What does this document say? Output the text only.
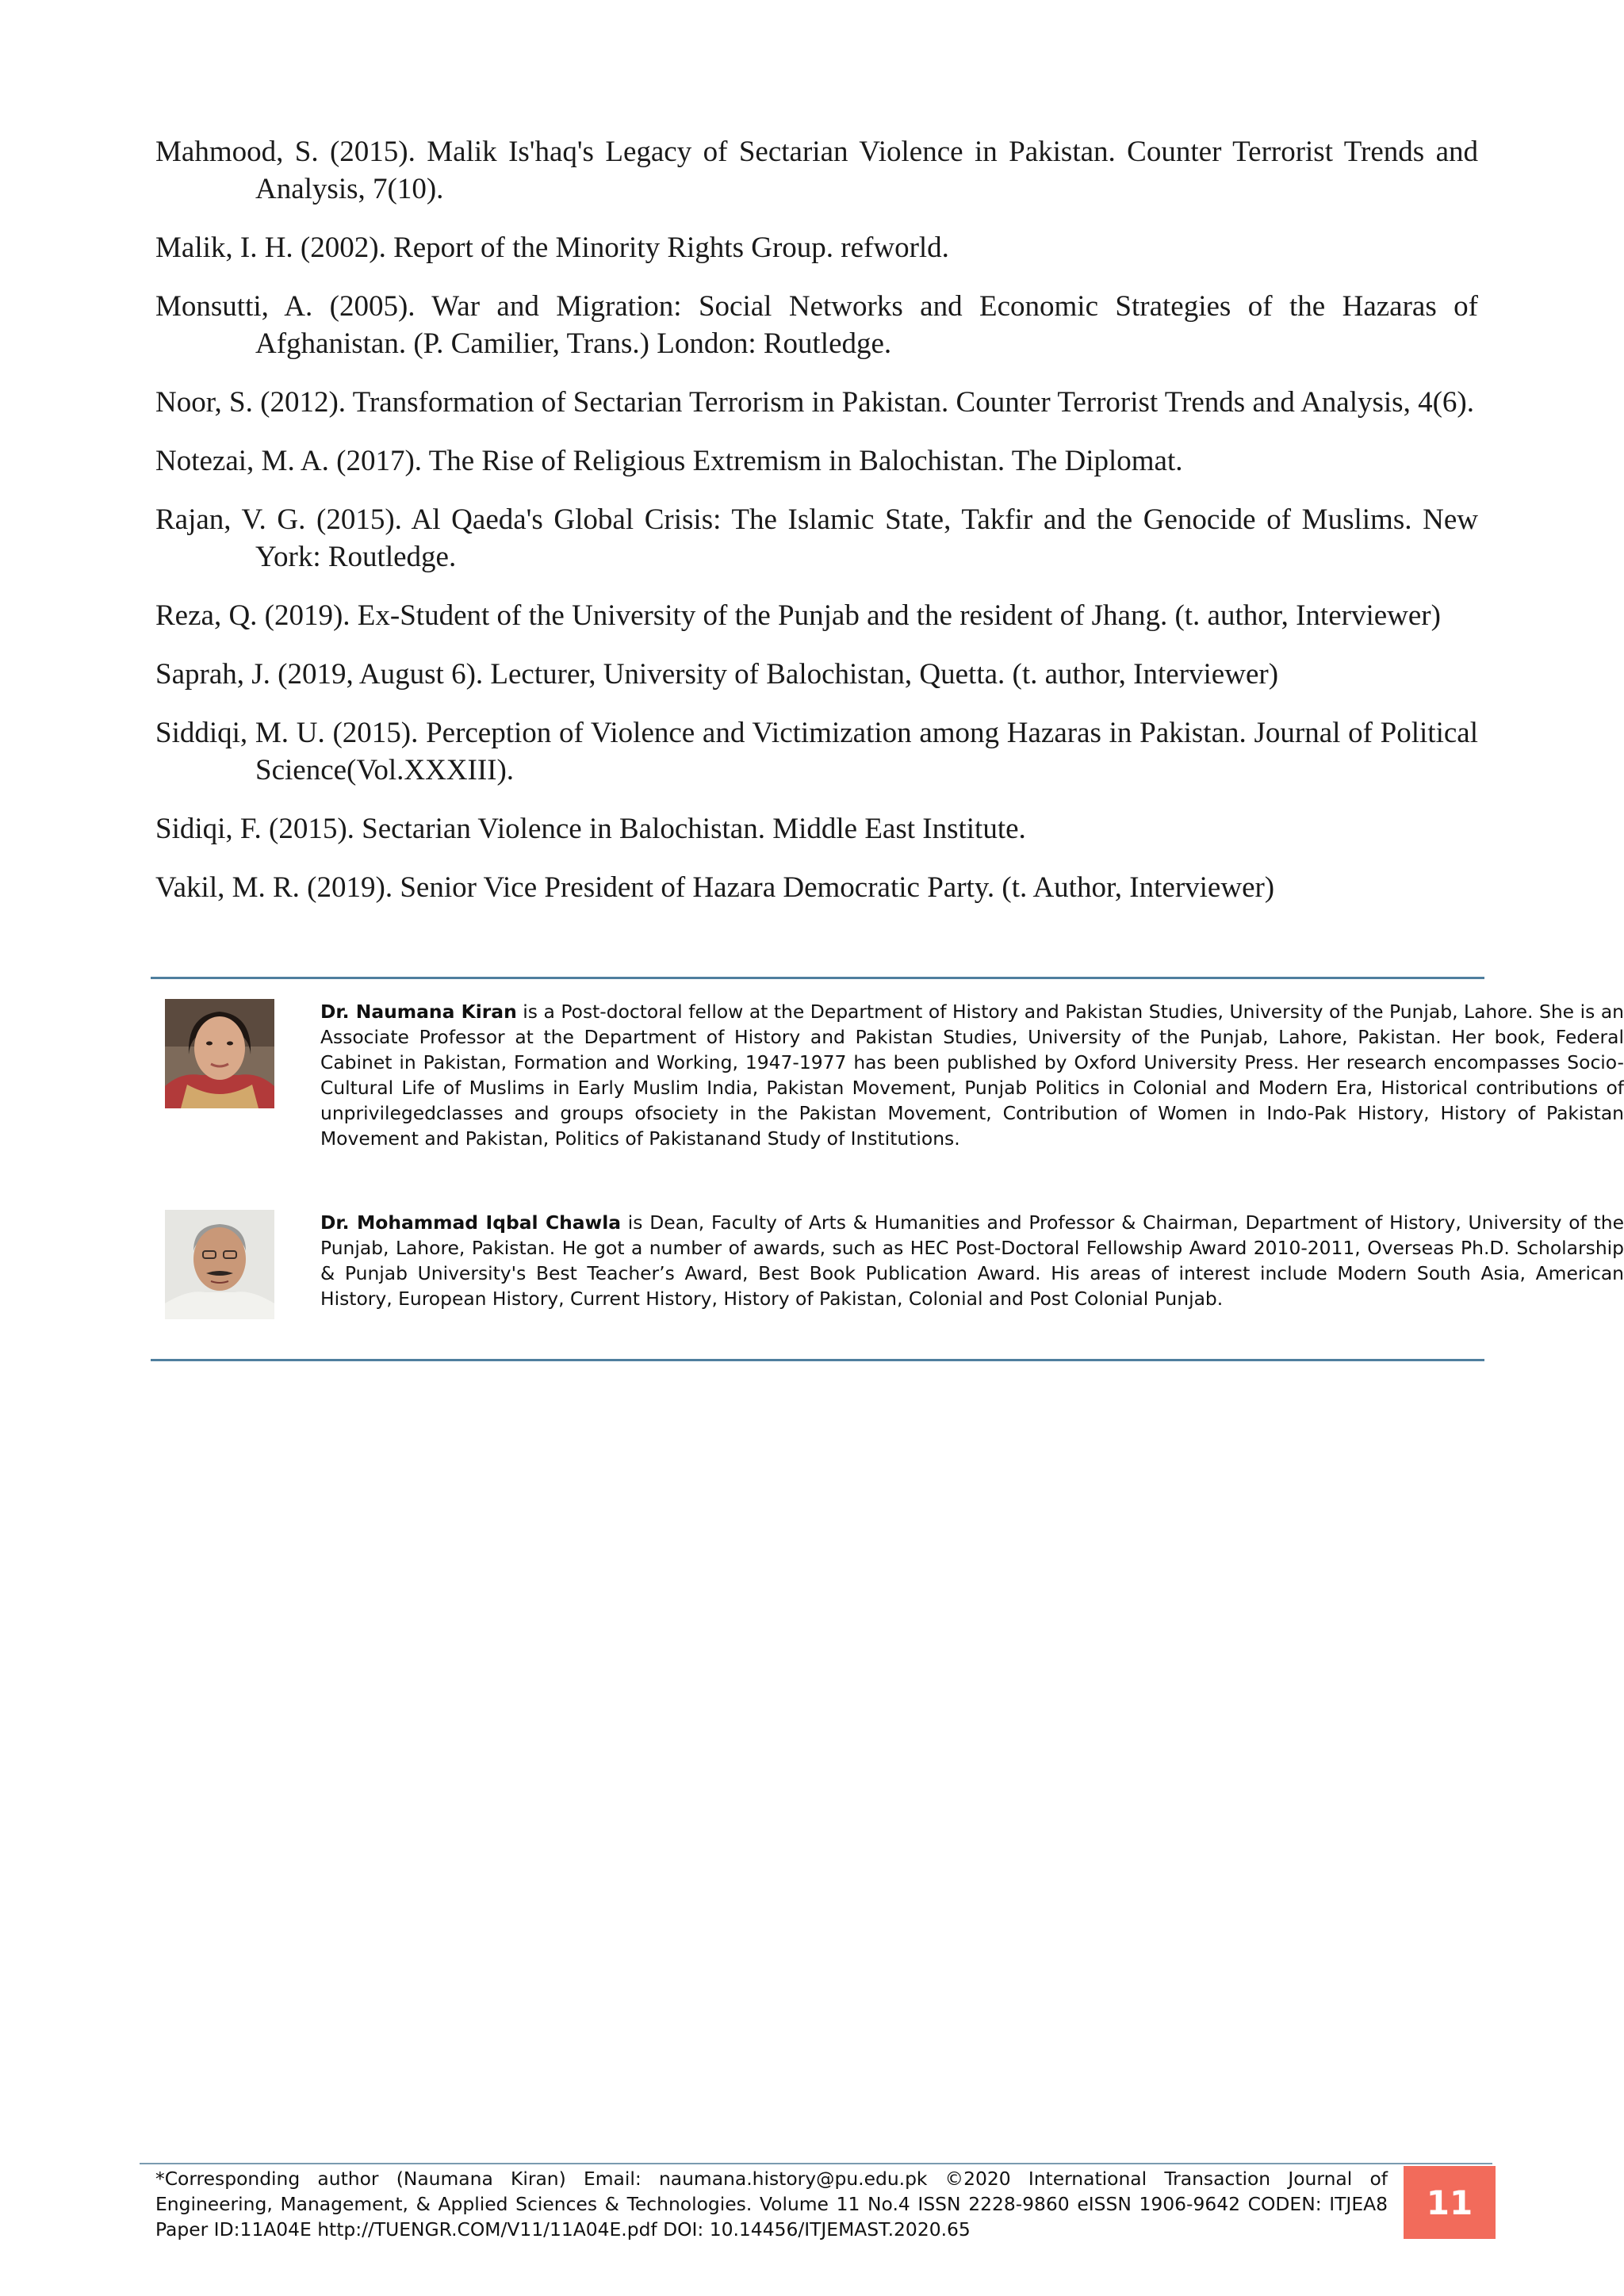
Mahmood, S. (2015). Malik Is'haq's Legacy of Sectarian Violence in Pakistan. Counter Terrorist Trends and Analysis, 7(10).

Malik, I. H. (2002). Report of the Minority Rights Group. refworld.

Monsutti, A. (2005). War and Migration: Social Networks and Economic Strategies of the Hazaras of Afghanistan. (P. Camilier, Trans.) London: Routledge.

Noor, S. (2012). Transformation of Sectarian Terrorism in Pakistan. Counter Terrorist Trends and Analysis, 4(6).

Notezai, M. A. (2017). The Rise of Religious Extremism in Balochistan. The Diplomat.

Rajan, V. G. (2015). Al Qaeda's Global Crisis: The Islamic State, Takfir and the Genocide of Muslims. New York: Routledge.

Reza, Q. (2019). Ex-Student of the University of the Punjab and the resident of Jhang. (t. author, Interviewer)

Saprah, J. (2019, August 6). Lecturer, University of Balochistan, Quetta. (t. author, Interviewer)

Siddiqi, M. U. (2015). Perception of Violence and Victimization among Hazaras in Pakistan. Journal of Political Science(Vol.XXXIII).

Sidiqi, F. (2015). Sectarian Violence in Balochistan. Middle East Institute.

Vakil, M. R. (2019). Senior Vice President of Hazara Democratic Party. (t. Author, Interviewer)

Dr. Naumana Kiran is a Post-doctoral fellow at the Department of History and Pakistan Studies, University of the Punjab, Lahore. She is an Associate Professor at the Department of History and Pakistan Studies, University of the Punjab, Lahore, Pakistan. Her book, Federal Cabinet in Pakistan, Formation and Working, 1947-1977 has been published by Oxford University Press. Her research encompasses Socio-Cultural Life of Muslims in Early Muslim India, Pakistan Movement, Punjab Politics in Colonial and Modern Era, Historical contributions of unprivilegedclasses and groups ofsociety in the Pakistan Movement, Contribution of Women in Indo-Pak History, History of Pakistan Movement and Pakistan, Politics of Pakistanand Study of Institutions.
Dr. Mohammad Iqbal Chawla is Dean, Faculty of Arts & Humanities and Professor & Chairman, Department of History, University of the Punjab, Lahore, Pakistan. He got a number of awards, such as HEC Post-Doctoral Fellowship Award 2010-2011, Overseas Ph.D. Scholarship & Punjab University's Best Teacher’s Award, Best Book Publication Award. His areas of interest include Modern South Asia, American History, European History, Current History, History of Pakistan, Colonial and Post Colonial Punjab.
*Corresponding author (Naumana Kiran) Email: naumana.history@pu.edu.pk ©2020 International Transaction Journal of Engineering, Management, & Applied Sciences & Technologies. Volume 11 No.4 ISSN 2228-9860 eISSN 1906-9642 CODEN: ITJEA8 Paper ID:11A04E http://TUENGR.COM/V11/11A04E.pdf DOI: 10.14456/ITJEMAST.2020.65
11
